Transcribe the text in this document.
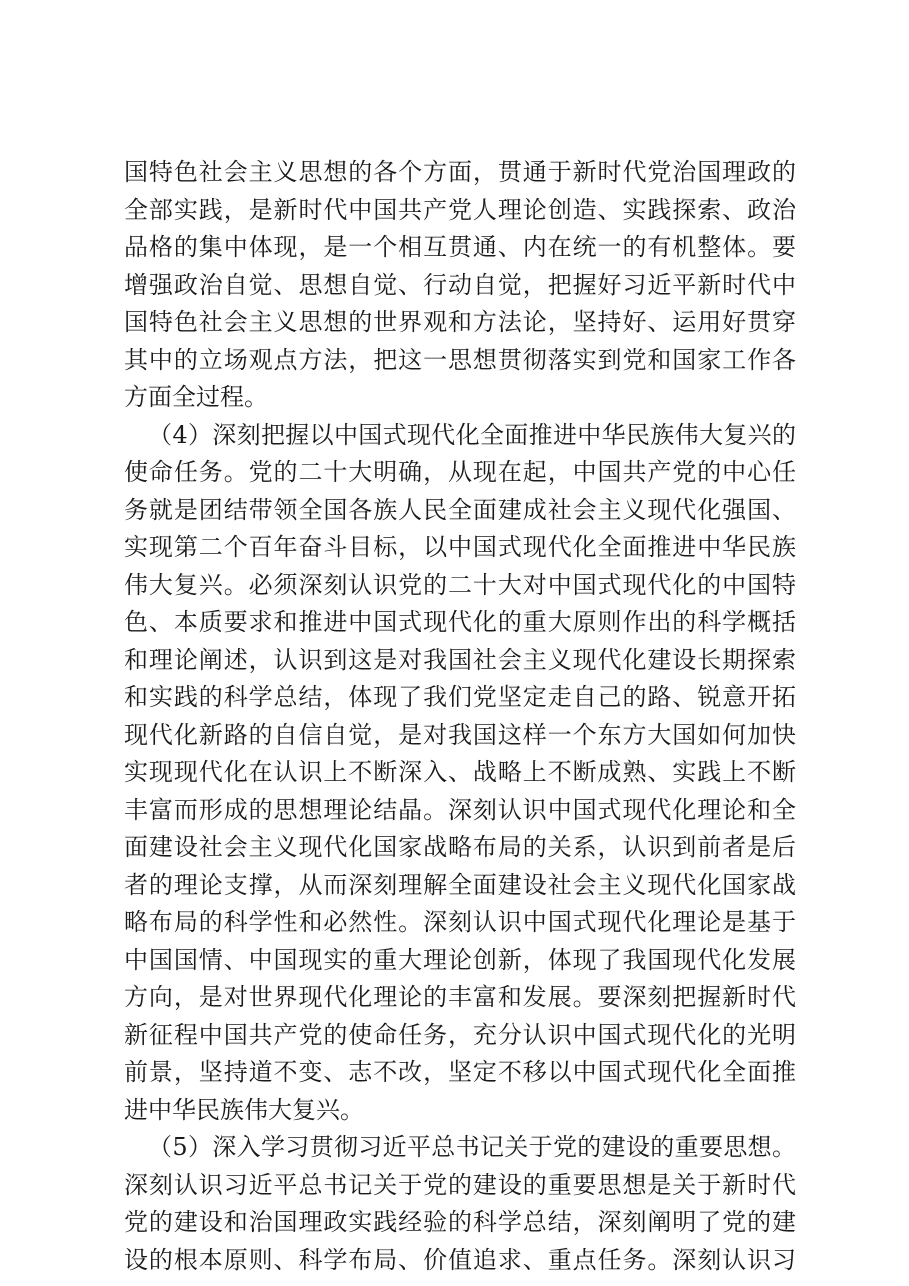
国特色社会主义思想的各个方面，贯通于新时代党治国理政的
全部实践，是新时代中国共产党人理论创造、实践探索、政治
品格的集中体现，是一个相互贯通、内在统一的有机整体。要
增强政治自觉、思想自觉、行动自觉，把握好习近平新时代中
国特色社会主义思想的世界观和方法论，坚持好、运用好贯穿
其中的立场观点方法，把这一思想贯彻落实到党和国家工作各
方面全过程。
（4）深刻把握以中国式现代化全面推进中华民族伟大复兴的
使命任务。党的二十大明确，从现在起，中国共产党的中心任
务就是团结带领全国各族人民全面建成社会主义现代化强国、
实现第二个百年奋斗目标，以中国式现代化全面推进中华民族
伟大复兴。必须深刻认识党的二十大对中国式现代化的中国特
色、本质要求和推进中国式现代化的重大原则作出的科学概括
和理论阐述，认识到这是对我国社会主义现代化建设长期探索
和实践的科学总结，体现了我们党坚定走自己的路、锐意开拓
现代化新路的自信自觉，是对我国这样一个东方大国如何加快
实现现代化在认识上不断深入、战略上不断成熟、实践上不断
丰富而形成的思想理论结晶。深刻认识中国式现代化理论和全
面建设社会主义现代化国家战略布局的关系，认识到前者是后
者的理论支撑，从而深刻理解全面建设社会主义现代化国家战
略布局的科学性和必然性。深刻认识中国式现代化理论是基于
中国国情、中国现实的重大理论创新，体现了我国现代化发展
方向，是对世界现代化理论的丰富和发展。要深刻把握新时代
新征程中国共产党的使命任务，充分认识中国式现代化的光明
前景，坚持道不变、志不改，坚定不移以中国式现代化全面推
进中华民族伟大复兴。
（5）深入学习贯彻习近平总书记关于党的建设的重要思想。
深刻认识习近平总书记关于党的建设的重要思想是关于新时代
党的建设和治国理政实践经验的科学总结，深刻阐明了党的建
设的根本原则、科学布局、价值追求、重点任务。深刻认识习
